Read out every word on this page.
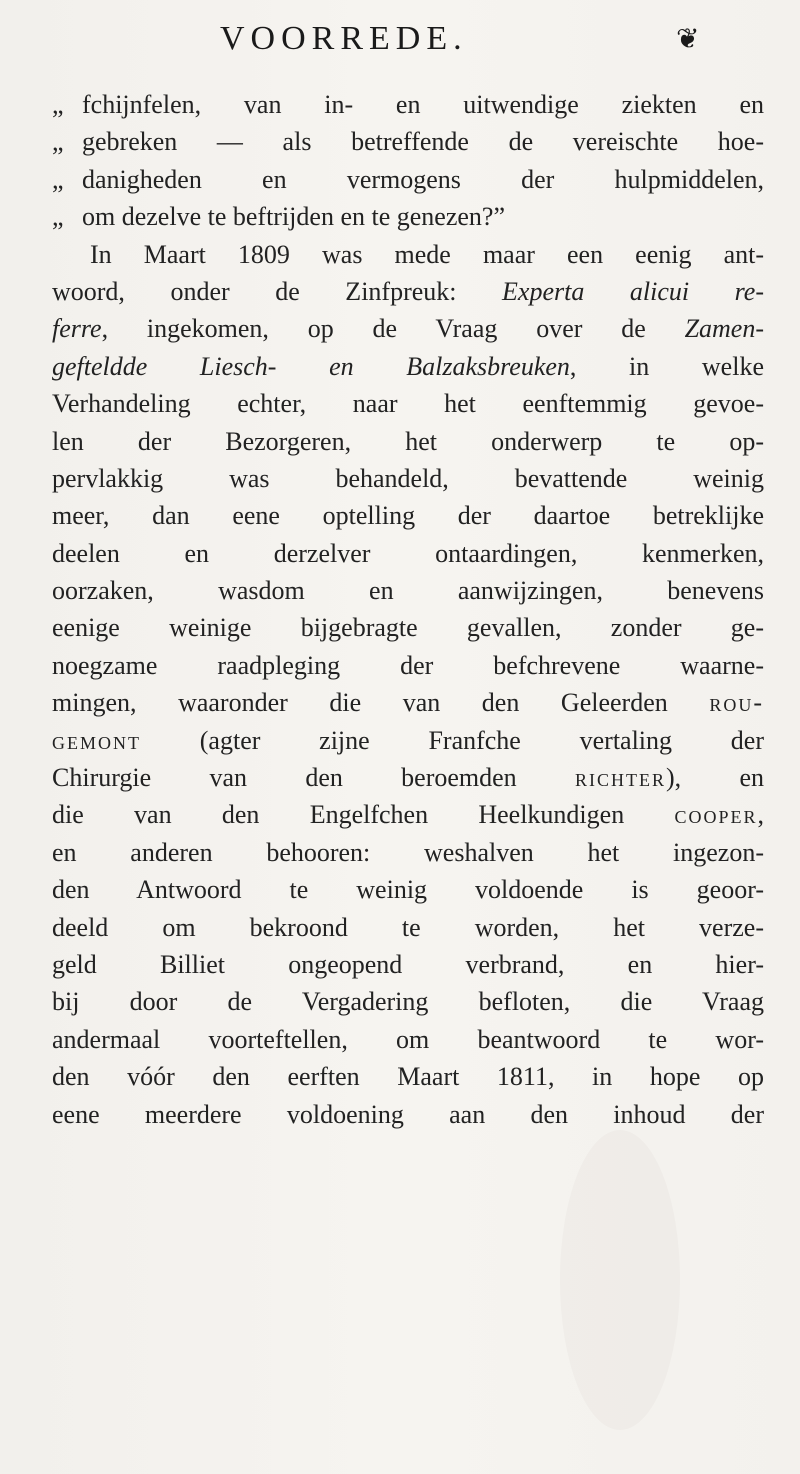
VOORREDE.	❦
„ fchijnfelen, van in- en uitwendige ziekten en
„ gebreken — als betreffende de vereischte hoe-
„ danigheden en vermogens der hulpmiddelen,
„ om dezelve te beftrijden en te genezen?”
In Maart 1809 was mede maar een eenig ant-
woord, onder de Zinfpreuk: Experta alicui re-
ferre, ingekomen, op de Vraag over de Zamen-
gefteldde Liesch- en Balzaksbreuken, in welke
Verhandeling echter, naar het eenftemmig gevoe-
len der Bezorgeren, het onderwerp te op-
pervlakkig was behandeld, bevattende weinig
meer, dan eene optelling der daartoe betreklijke
deelen en derzelver ontaardingen, kenmerken,
oorzaken, wasdom en aanwijzingen, benevens
eenige weinige bijgebragte gevallen, zonder ge-
noegzame raadpleging der befchrevene waarne-
mingen, waaronder die van den Geleerden rou-
gemont (agter zijne Franfche vertaling der
Chirurgie van den beroemden richter), en
die van den Engelfchen Heelkundigen cooper,
en anderen behooren: weshalven het ingezon-
den Antwoord te weinig voldoende is geoor-
deeld om bekroond te worden, het verze-
geld Billiet ongeopend verbrand, en hier-
bij door de Vergadering befloten, die Vraag
andermaal voorteftellen, om beantwoord te wor-
den vóór den eerften Maart 1811, in hope op
eene meerdere voldoening aan den inhoud der
